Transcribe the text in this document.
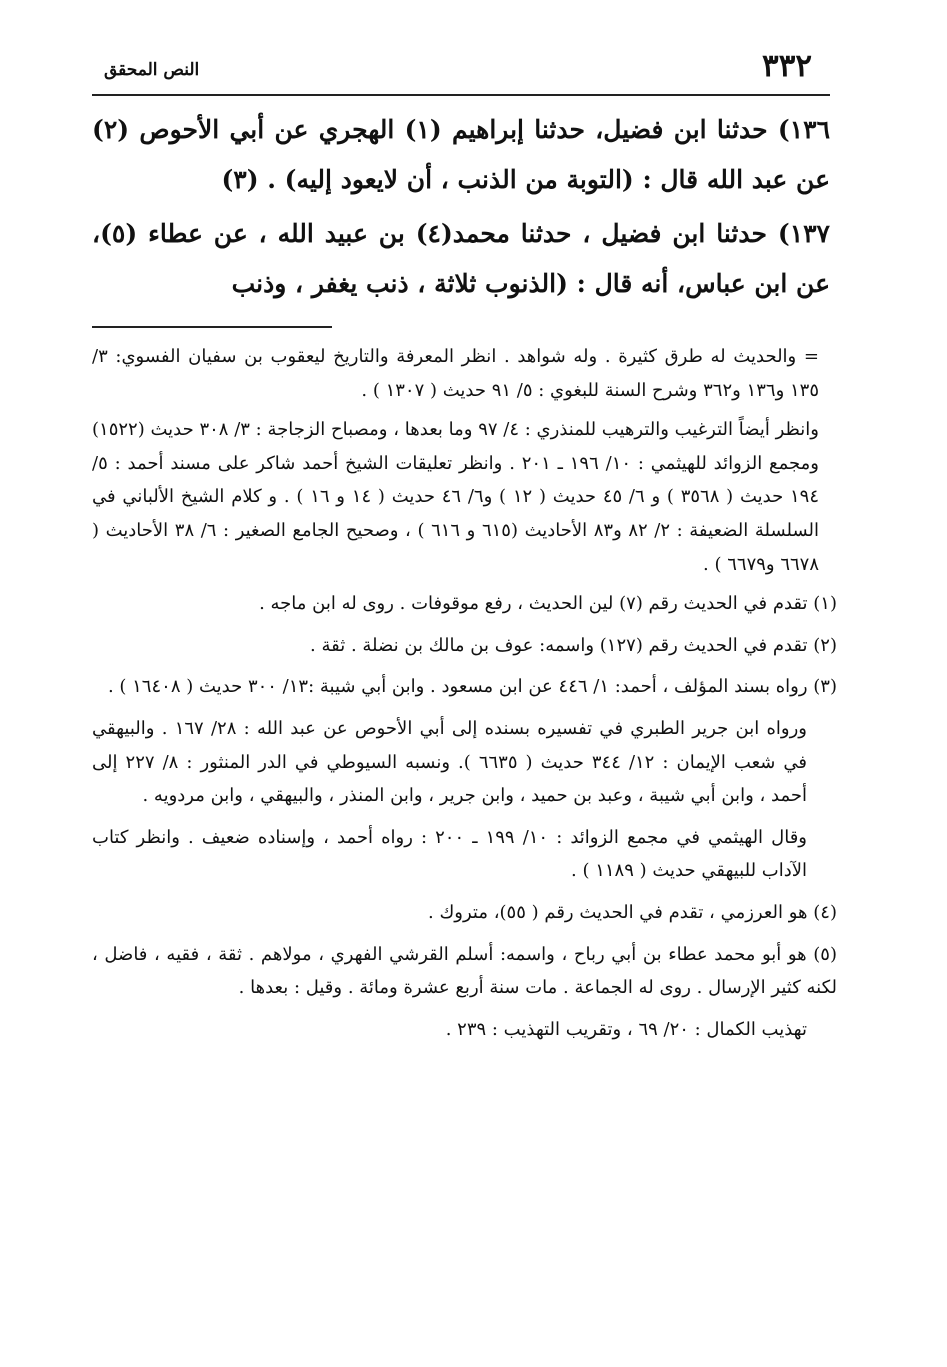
٣٣٢
النص المحقق

١٣٦) حدثنا ابن فضيل، حدثنا إبراهيم (١) الهجري عن أبي الأحوص (٢) عن عبد الله قال : (التوبة من الذنب ، أن لايعود إليه) . (٣)

١٣٧) حدثنا ابن فضيل ، حدثنا محمد(٤) بن عبيد الله ، عن عطاء (٥)، عن ابن عباس، أنه قال : (الذنوب ثلاثة ، ذنب يغفر ، وذنب

= والحديث له طرق كثيرة . وله شواهد . انظر المعرفة والتاريخ ليعقوب بن سفيان الفسوي: ٣/ ١٣٥ و١٣٦ و٣٦٢ وشرح السنة للبغوي : ٥/ ٩١ حديث ( ١٣٠٧ ) .

وانظر أيضاً الترغيب والترهيب للمنذري : ٤/ ٩٧ وما بعدها ، ومصباح الزجاجة : ٣/ ٣٠٨ حديث (١٥٢٢) ومجمع الزوائد للهيثمي : ١٠/ ١٩٦ ـ ٢٠١ . وانظر تعليقات الشيخ أحمد شاكر على مسند أحمد : ٥/ ١٩٤ حديث ( ٣٥٦٨ ) و ٦/ ٤٥ حديث ( ١٢ ) و٦/ ٤٦ حديث ( ١٤ و ١٦ ) . و كلام الشيخ الألباني في السلسلة الضعيفة : ٢/ ٨٢ و٨٣ الأحاديث (٦١٥ و ٦١٦ ) ، وصحيح الجامع الصغير : ٦/ ٣٨ الأحاديث ( ٦٦٧٨ و٦٦٧٩ ) .

(١) تقدم في الحديث رقم (٧) لين الحديث ، رفع موقوفات . روى له ابن ماجه .

(٢) تقدم في الحديث رقم (١٢٧) واسمه: عوف بن مالك بن نضلة . ثقة .

(٣) رواه بسند المؤلف ، أحمد: ١/ ٤٤٦ عن ابن مسعود . وابن أبي شيبة :١٣/ ٣٠٠ حديث ( ١٦٤٠٨ ) .

ورواه ابن جرير الطبري في تفسيره بسنده إلى أبي الأحوص عن عبد الله : ٢٨/ ١٦٧ . والبيهقي في شعب الإيمان : ١٢/ ٣٤٤ حديث ( ٦٦٣٥ ). ونسبه السيوطي في الدر المنثور : ٨/ ٢٢٧ إلى أحمد ، وابن أبي شيبة ، وعبد بن حميد ، وابن جرير ، وابن المنذر ، والبيهقي ، وابن مردويه .

وقال الهيثمي في مجمع الزوائد : ١٠/ ١٩٩ ـ ٢٠٠ : رواه أحمد ، وإسناده ضعيف . وانظر كتاب الآداب للبيهقي حديث ( ١١٨٩ ) .

(٤) هو العرزمي ، تقدم في الحديث رقم ( ٥٥)، متروك .

(٥) هو أبو محمد عطاء بن أبي رباح ، واسمه: أسلم القرشي الفهري ، مولاهم . ثقة ، فقيه ، فاضل ، لكنه كثير الإرسال . روى له الجماعة . مات سنة أربع عشرة ومائة . وقيل : بعدها .

تهذيب الكمال : ٢٠/ ٦٩ ، وتقريب التهذيب : ٢٣٩ .
